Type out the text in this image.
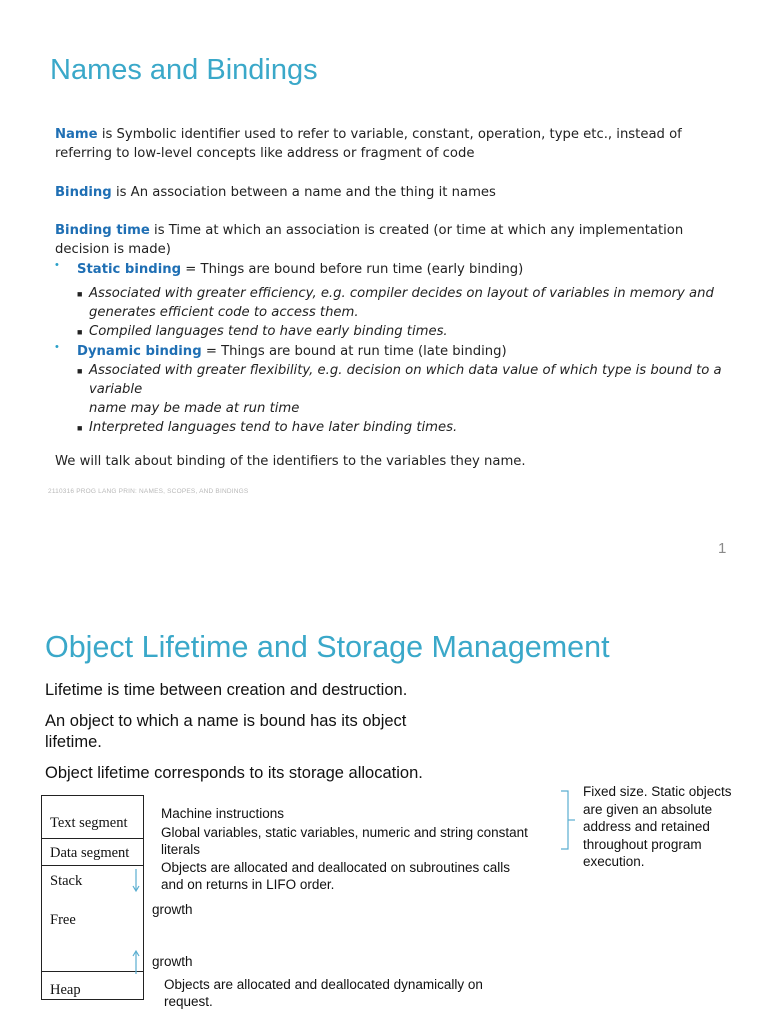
Names and Bindings
Name is Symbolic identifier used to refer to variable, constant, operation, type etc., instead of
referring to low-level concepts like address or fragment of code
Binding is An association between a name and the thing it names
Binding time is Time at which an association is created (or time at which any implementation
decision is made)
• Static binding = Things are bound before run time (early binding)
■ Associated with greater efficiency, e.g. compiler decides on layout of variables in memory and
generates efficient code to access them.
■ Compiled languages tend to have early binding times.
• Dynamic binding = Things are bound at run time (late binding)
■ Associated with greater flexibility, e.g. decision on which data value of which type is bound to a
variable
name may be made at run time
■ Interpreted languages tend to have later binding times.
We will talk about binding of the identifiers to the variables they name.
2110316 PROG LANG PRIN: NAMES, SCOPES, AND BINDINGS
1
Object Lifetime and Storage Management
Lifetime is time between creation and destruction.
An object to which a name is bound has its object
lifetime.
Object lifetime corresponds to its storage allocation.
Text segment
Data segment
Stack
Free
Heap
Machine instructions
Global variables, static variables, numeric and string constant
literals
Objects are allocated and deallocated on subroutines calls
and on returns in LIFO order.
growth
growth
Objects are allocated and deallocated dynamically on
request.
Fixed size. Static objects
are given an absolute
address and retained
throughout program
execution.
